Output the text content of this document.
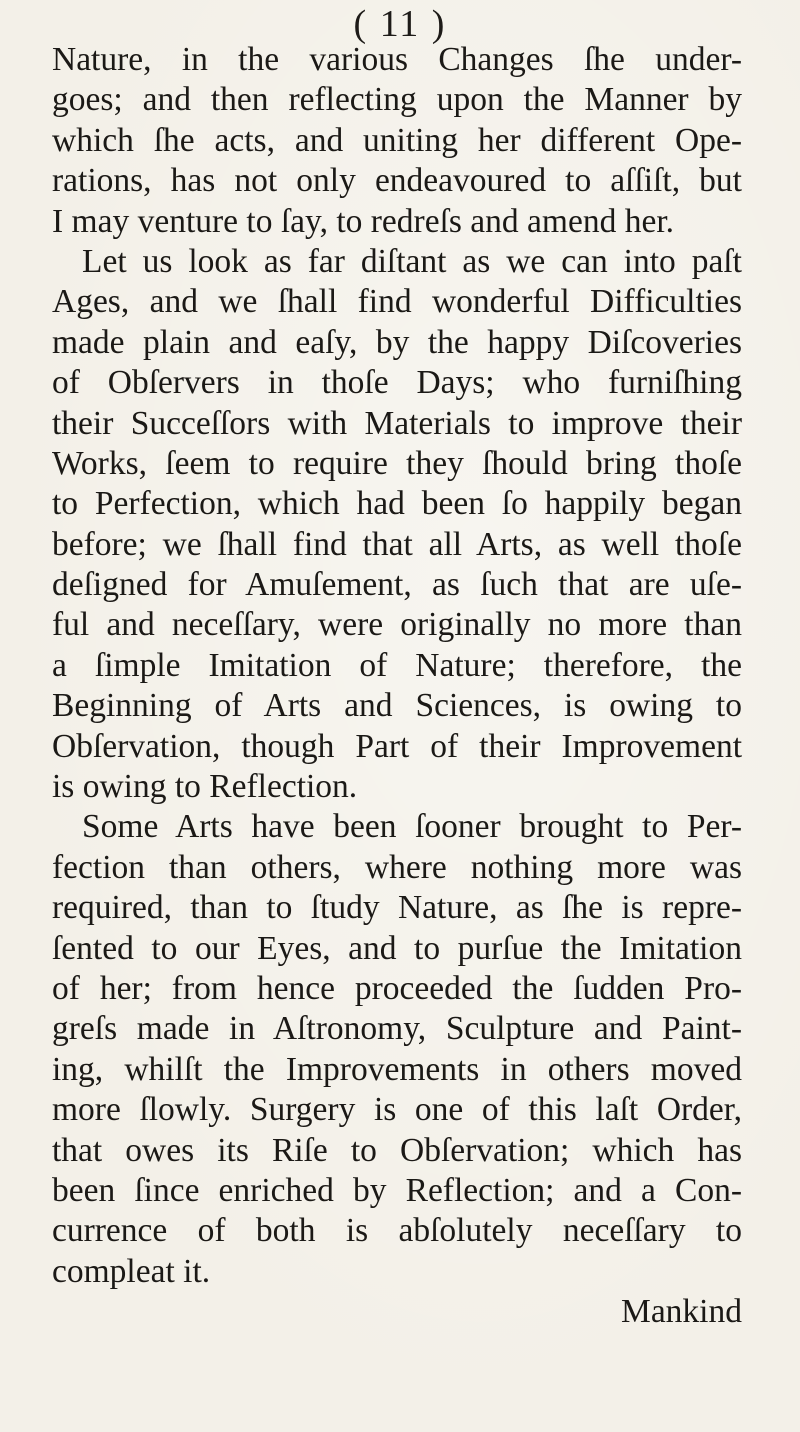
( 11 )
Nature, in the various Changes ſhe under-
goes; and then reflecting upon the Manner by
which ſhe acts, and uniting her different Ope-
rations, has not only endeavoured to aſſiſt, but
I may venture to ſay, to redreſs and amend her.
Let us look as far diſtant as we can into paſt
Ages, and we ſhall find wonderful Difficulties
made plain and eaſy, by the happy Diſcoveries
of Obſervers in thoſe Days; who furniſhing
their Succeſſors with Materials to improve their
Works, ſeem to require they ſhould bring thoſe
to Perfection, which had been ſo happily began
before; we ſhall find that all Arts, as well thoſe
deſigned for Amuſement, as ſuch that are uſe-
ful and neceſſary, were originally no more than
a ſimple Imitation of Nature; therefore, the
Beginning of Arts and Sciences, is owing to
Obſervation, though Part of their Improvement
is owing to Reflection.
Some Arts have been ſooner brought to Per-
fection than others, where nothing more was
required, than to ſtudy Nature, as ſhe is repre-
ſented to our Eyes, and to purſue the Imitation
of her; from hence proceeded the ſudden Pro-
greſs made in Aſtronomy, Sculpture and Paint-
ing, whilſt the Improvements in others moved
more ſlowly. Surgery is one of this laſt Order,
that owes its Riſe to Obſervation; which has
been ſince enriched by Reflection; and a Con-
currence of both is abſolutely neceſſary to
compleat it.
Mankind
